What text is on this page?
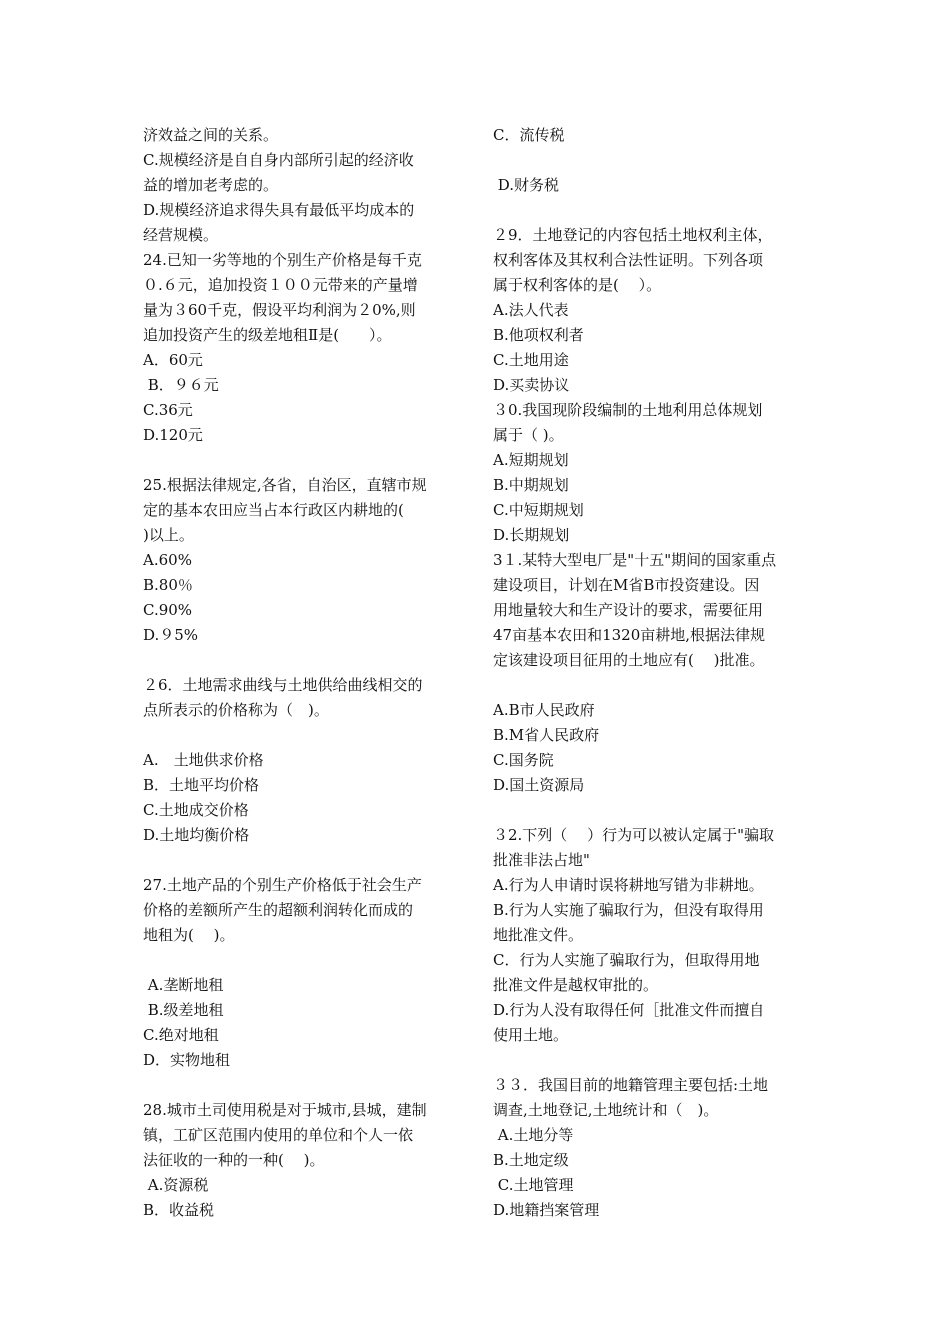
济效益之间的关系。
C.规模经济是自自身内部所引起的经济收
益的增加老考虑的。
D.规模经济追求得失具有最低平均成本的
经营规模。
24.已知一劣等地的个别生产价格是每千克
０.６元，追加投资１００元带来的产量增
量为３60千克，假设平均利润为２0%,则
追加投资产生的级差地租Ⅱ是(　　）。
A．60元
B．９６元
C.36元
D.120元
25.根据法律规定,各省，自治区，直辖市规
定的基本农田应当占本行政区内耕地的(
)以上。
A.60%
B.80％
C.90%
D.９5%
２6．土地需求曲线与土地供给曲线相交的
点所表示的价格称为（　)。
A.　土地供求价格
B．土地平均价格
C.土地成交价格
D.土地均衡价格
27.土地产品的个别生产价格低于社会生产
价格的差额所产生的超额利润转化而成的
地租为(　 )。
A.垄断地租
B.级差地租
C.绝对地租
D．实物地租
28.城市土司使用税是对于城市,县城，建制
镇，工矿区范围内使用的单位和个人一依
法征收的一种的一种(　 )。
A.资源税
B．收益税
C．流传税
D.财务税
２9．土地登记的内容包括土地权利主体，
权利客体及其权利合法性证明。下列各项
属于权利客体的是(　 ）。
A.法人代表
B.他项权利者
C.土地用途
D.买卖协议
３0.我国现阶段编制的土地利用总体规划
属于（ )。
A.短期规划
B.中期规划
C.中短期规划
D.长期规划
3１.某特大型电厂是"十五"期间的国家重点
建设项目，计划在M省B市投资建设。因
用地量较大和生产设计的要求，需要征用
47亩基本农田和1320亩耕地,根据法律规
定该建设项目征用的土地应有(　 )批准。
A.B市人民政府
B.M省人民政府
C.国务院
D.国土资源局
３2.下列（　 ）行为可以被认定属于"骗取
批准非法占地"
A.行为人申请时误将耕地写错为非耕地。
B.行为人实施了骗取行为，但没有取得用
地批准文件。
C．行为人实施了骗取行为，但取得用地
批准文件是越权审批的。
D.行为人没有取得任何［批准文件而擅自
使用土地。
３３．我国目前的地籍管理主要包括:土地
调查,土地登记,土地统计和（　)。
A.土地分等
B.土地定级
C.土地管理
D.地籍挡案管理
